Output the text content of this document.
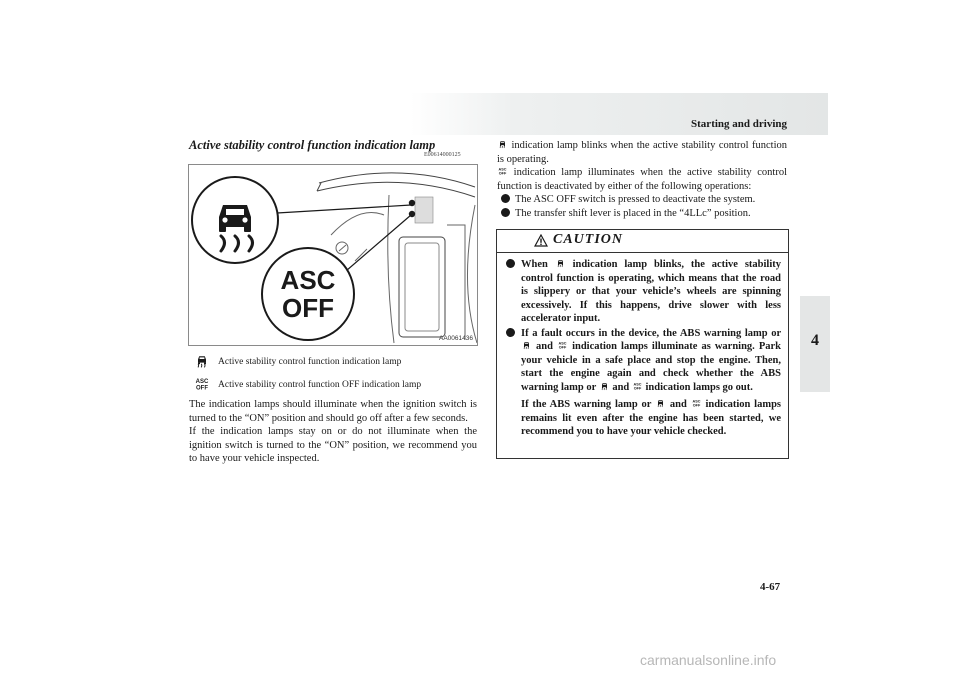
Starting and driving
4
Active stability control function indication lamp
E00614000125
ASC
OFF
AA0061436
Active stability control function indication lamp
Active stability control function OFF indication lamp

The indication lamps should illuminate when the ignition switch is turned to the “ON” position and should go off after a few seconds.

If the indication lamps stay on or do not illuminate when the ignition switch is turned to the “ON” position, we recommend you to have your vehicle inspected.

indication lamp blinks when the active stability control function is operating.

indication lamp illuminates when the active stability control function is deactivated by either of the following operations:

The ASC OFF switch is pressed to deactivate the system.
The transfer shift lever is placed in the “4LLc” position.
CAUTION
When indication lamp blinks, the active stability control function is operating, which means that the road is slippery or that your vehicle’s wheels are spinning excessively. If this happens, drive slower with less accelerator input.
If a fault occurs in the device, the ABS warning lamp or  and indication lamps illuminate as warning. Park your vehicle in a safe place and stop the engine. Then, start the engine again and check whether the ABS warning lamp or and indication lamps go out.
If the ABS warning lamp or and indication lamps remains lit even after the engine has been started, we recommend you to have your vehicle checked.
4-67
carmanualsonline.info
